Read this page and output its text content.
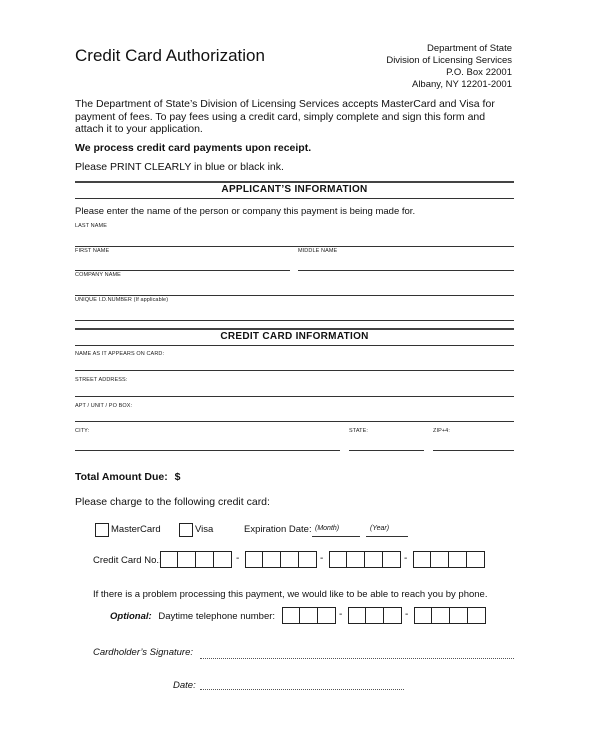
Credit Card Authorization	Department of State
Division of Licensing Services
P.O. Box 22001
Albany, NY 12201-2001
The Department of State’s Division of Licensing Services accepts MasterCard and Visa for payment of fees. To pay fees using a credit card, simply complete and sign this form and attach it to your application.
We process credit card payments upon receipt.
Please PRINT CLEARLY in blue or black ink.
APPLICANT’S INFORMATION
Please enter the name of the person or company this payment is being made for.
FIRST NAME	MIDDLE NAME
LAST NAME
COMPANY NAME
UNIQUE I.D.NUMBER (If applicable)
CREDIT CARD INFORMATION
NAME AS IT APPEARS ON CARD:
STREET ADDRESS:
APT / UNIT / PO BOX:
CITY:	STATE:	ZIP+4:
Total Amount Due: $
Please charge to the following credit card:
MasterCard	Visa	Expiration Date: (Month)	(Year)
Credit Card No.:	-	-	-
If there is a problem processing this payment, we would like to be able to reach you by phone.
Optional: Daytime telephone number:	-	-
Cardholder’s Signature:
Date:
